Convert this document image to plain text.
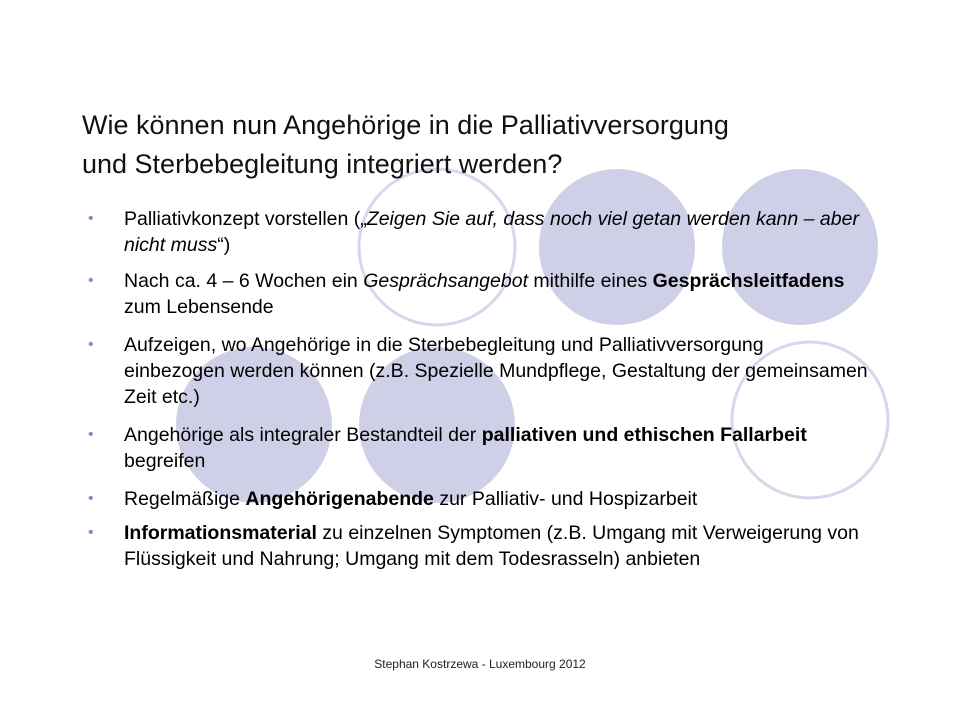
Wie können nun Angehörige in die Palliativversorgung
und Sterbebegleitung integriert werden?
• Palliativkonzept vorstellen („Zeigen Sie auf, dass noch viel getan werden kann – aber nicht muss“)
• Nach ca. 4 – 6 Wochen ein Gesprächsangebot mithilfe eines Gesprächsleitfadens zum Lebensende
• Aufzeigen, wo Angehörige in die Sterbebegleitung und Palliativversorgung einbezogen werden können (z.B. Spezielle Mundpflege, Gestaltung der gemeinsamen Zeit etc.)
• Angehörige als integraler Bestandteil der palliativen und ethischen Fallarbeit begreifen
• Regelmäßige Angehörigenabende zur Palliativ- und Hospizarbeit
• Informationsmaterial zu einzelnen Symptomen (z.B. Umgang mit Verweigerung von Flüssigkeit und Nahrung; Umgang mit dem Todesrasseln) anbieten
Stephan Kostrzewa - Luxembourg 2012
